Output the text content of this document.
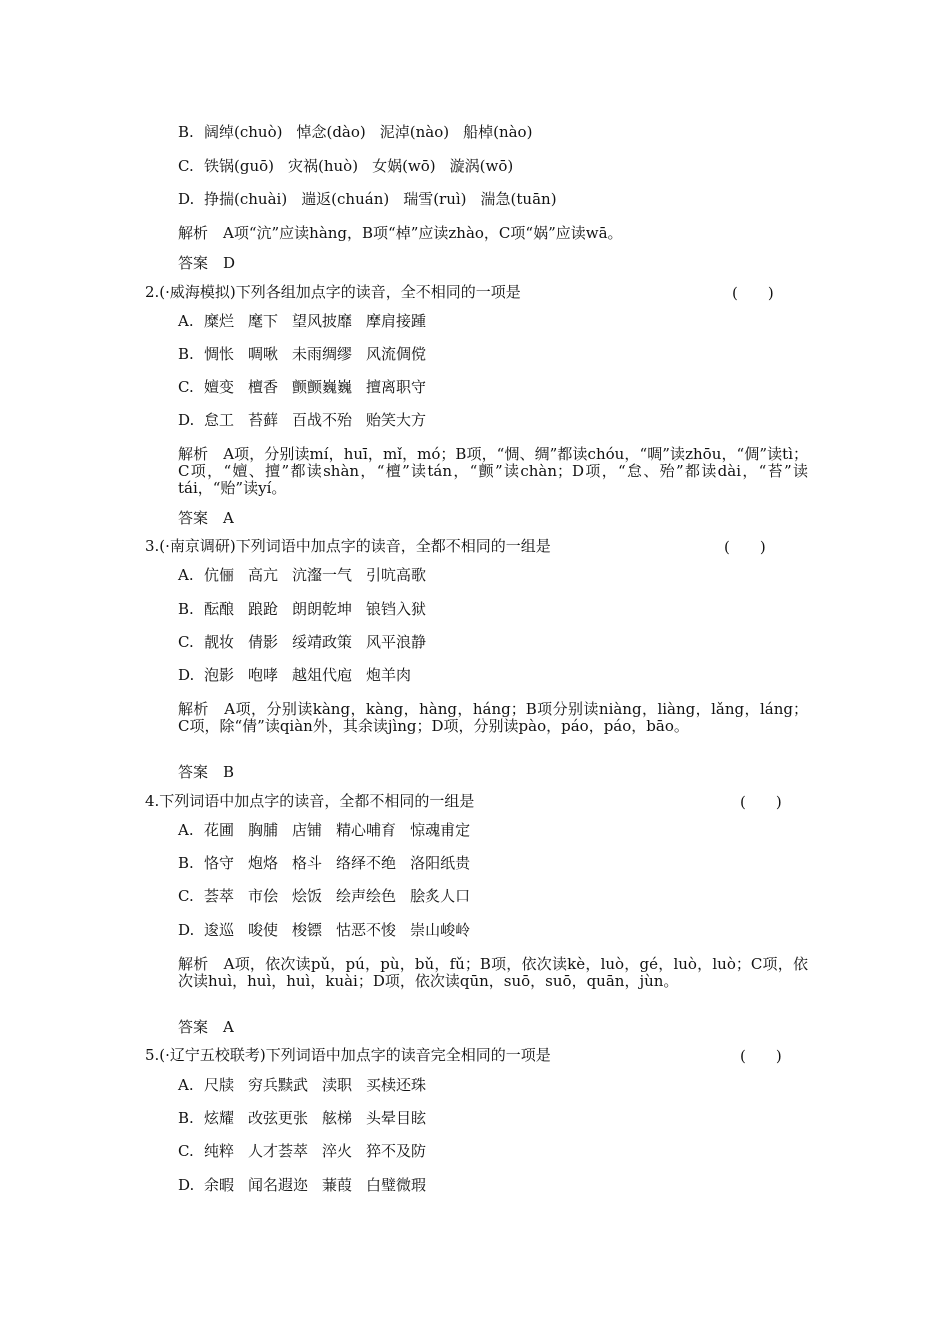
B. 阔绰(chuò) 悼念(dào) 泥淖(nào) 船棹(nào)
C. 铁锅(guō) 灾祸(huò) 女娲(wō) 漩涡(wō)
D. 挣揣(chuài) 遄返(chuán) 瑞雪(ruì) 湍急(tuān)
解析　A项“沆”应读hàng，B项“棹”应读zhào，C项“娲”应读wā。
答案　D
2.(·威海模拟)下列各组加点字的读音，全不相同的一项是	(　　)
A. 糜烂 麾下 望风披靡 摩肩接踵
B. 惆怅 啁啾 未雨绸缪 风流倜傥
C. 嬗变 檀香 颤颤巍巍 擅离职守
D. 怠工 苔藓 百战不殆 贻笑大方
解析　A项，分别读mí，huī，mǐ，mó；B项，“惆、绸”都读chóu，“啁”读zhōu，“倜”读tì；C项，“嬗、擅”都读shàn，“檀”读tán，“颤”读chàn；D项，“怠、殆”都读dài，“苔”读tái，“贻”读yí。
答案　A
3.(·南京调研)下列词语中加点字的读音，全都不相同的一组是	(　　)
A. 伉俪 高亢 沆瀣一气 引吭高歌
B. 酝酿 踉跄 朗朗乾坤 锒铛入狱
C. 靓妆 倩影 绥靖政策 风平浪静
D. 泡影 咆哮 越俎代庖 炮羊肉
解析　A项，分别读kàng，kàng，hàng，háng；B项分别读niàng，liàng，lǎng，láng；C项，除“倩”读qiàn外，其余读jìng；D项，分别读pào，páo，páo，bāo。
答案　B
4.下列词语中加点字的读音，全都不相同的一组是	(　　)
A. 花圃 胸脯 店铺 精心哺育 惊魂甫定
B. 恪守 炮烙 格斗 络绎不绝 洛阳纸贵
C. 荟萃 市侩 烩饭 绘声绘色 脍炙人口
D. 逡巡 唆使 梭镖 怙恶不悛 崇山峻岭
解析　A项，依次读pǔ，pú，pù，bǔ，fǔ；B项，依次读kè，luò，gé，luò，luò；C项，依次读huì，huì，huì，kuài；D项，依次读qūn，suō，suō，quān，jùn。
答案　A
5.(·辽宁五校联考)下列词语中加点字的读音完全相同的一项是	(　　)
A. 尺牍 穷兵黩武 渎职 买椟还珠
B. 炫耀 改弦更张 舷梯 头晕目眩
C. 纯粹 人才荟萃 淬火 猝不及防
D. 余暇 闻名遐迩 蒹葭 白璧微瑕
